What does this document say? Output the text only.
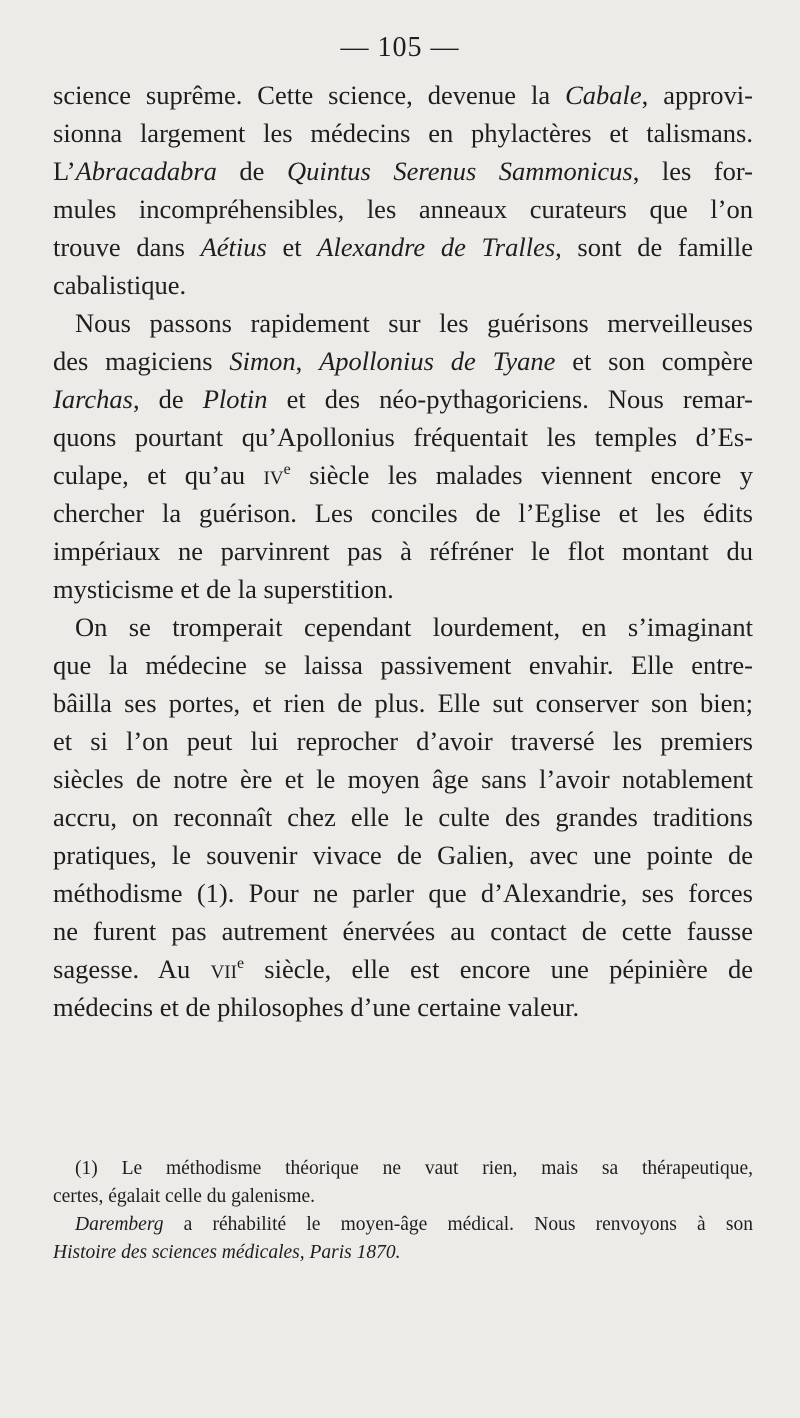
— 105 —
science suprême. Cette science, devenue la Cabale, approvi-
sionna largement les médecins en phylactères et talismans.
L’Abracadabra de Quintus Serenus Sammonicus, les for-
mules incompréhensibles, les anneaux curateurs que l’on
trouve dans Aétius et Alexandre de Tralles, sont de famille
cabalistique.
Nous passons rapidement sur les guérisons merveilleuses
des magiciens Simon, Apollonius de Tyane et son compère
Iarchas, de Plotin et des néo-pythagoriciens. Nous remar-
quons pourtant qu’Apollonius fréquentait les temples d’Es-
culape, et qu’au $iv^e$ siècle les malades viennent encore y
chercher la guérison. Les conciles de l’Eglise et les édits
impériaux ne parvinrent pas à réfréner le flot montant du
mysticisme et de la superstition.
On se tromperait cependant lourdement, en s’imaginant
que la médecine se laissa passivement envahir. Elle entre-
bâilla ses portes, et rien de plus. Elle sut conserver son bien;
et si l’on peut lui reprocher d’avoir traversé les premiers
siècles de notre ère et le moyen âge sans l’avoir notablement
accru, on reconnaît chez elle le culte des grandes traditions
pratiques, le souvenir vivace de Galien, avec une pointe de
méthodisme (1). Pour ne parler que d’Alexandrie, ses forces
ne furent pas autrement énervées au contact de cette fausse
sagesse. Au vii$^e$ siècle, elle est encore une pépinière de
médecins et de philosophes d’une certaine valeur.
(1) Le méthodisme théorique ne vaut rien, mais sa thérapeutique,
certes, égalait celle du galenisme.
Daremberg a réhabilité le moyen-âge médical. Nous renvoyons à son
Histoire des sciences médicales, Paris 1870.
